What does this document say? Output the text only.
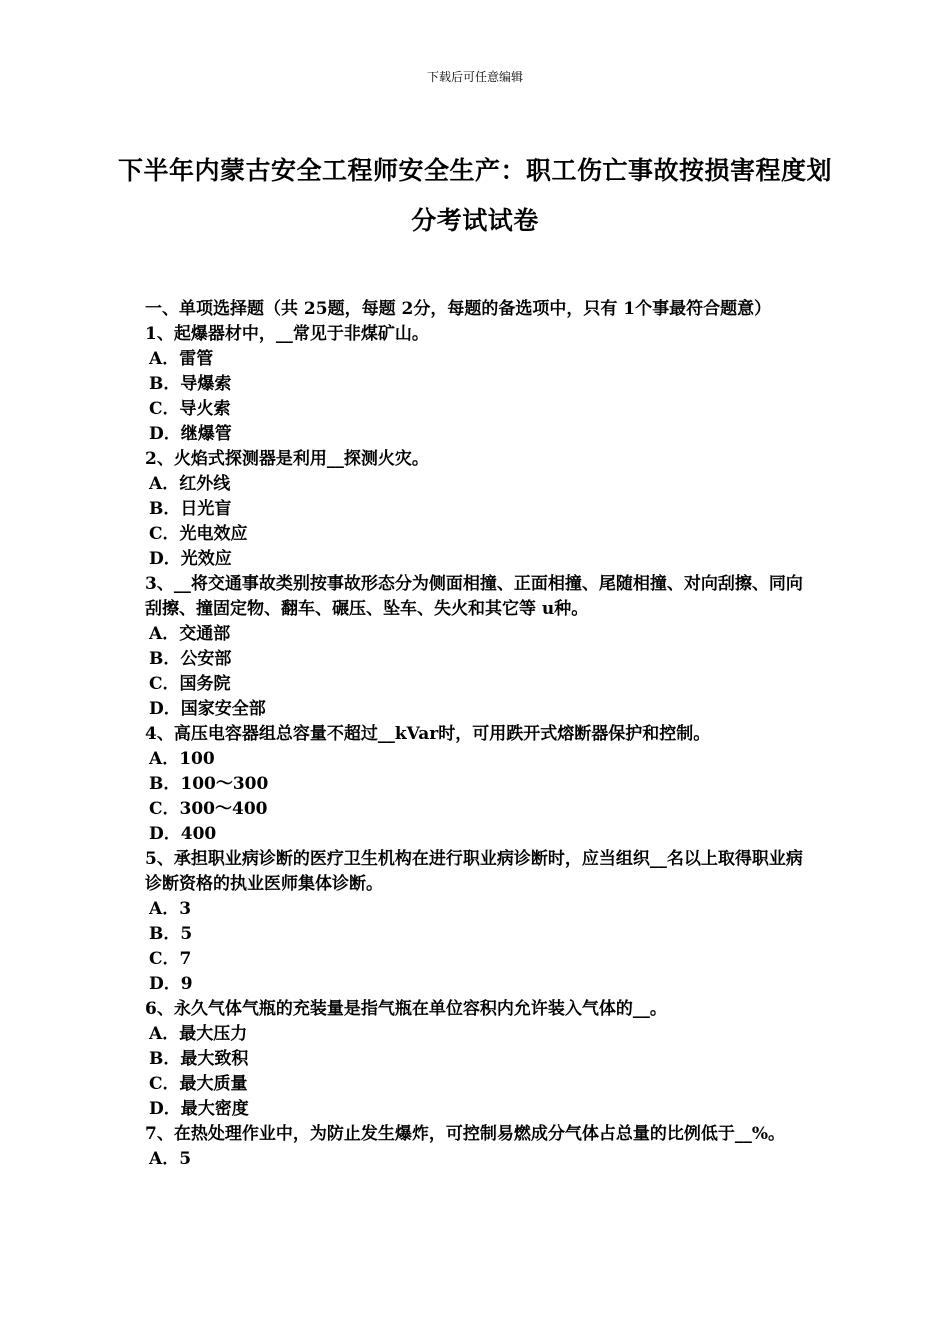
下载后可任意编辑
下半年内蒙古安全工程师安全生产：职工伤亡事故按损害程度划分考试试卷

一、单项选择题（共 25题，每题 2分，每题的备选项中，只有 1个事最符合题意）

1、起爆器材中，__常见于非煤矿山。

A．雷管

B．导爆索

C．导火索

D．继爆管

2、火焰式探测器是利用__探测火灾。

A．红外线

B．日光盲

C．光电效应

D．光效应

3、__将交通事故类别按事故形态分为侧面相撞、正面相撞、尾随相撞、对向刮擦、同向刮擦、撞固定物、翻车、碾压、坠车、失火和其它等 u种。

A．交通部

B．公安部

C．国务院

D．国家安全部

4、高压电容器组总容量不超过__kVar时，可用跌开式熔断器保护和控制。

A．100

B．100～300

C．300～400

D．400

5、承担职业病诊断的医疗卫生机构在进行职业病诊断时，应当组织__名以上取得职业病诊断资格的执业医师集体诊断。

A．3

B．5

C．7

D．9

6、永久气体气瓶的充装量是指气瓶在单位容积内允许装入气体的__。

A．最大压力

B．最大致积

C．最大质量

D．最大密度

7、在热处理作业中，为防止发生爆炸，可控制易燃成分气体占总量的比例低于__%。

A．5
